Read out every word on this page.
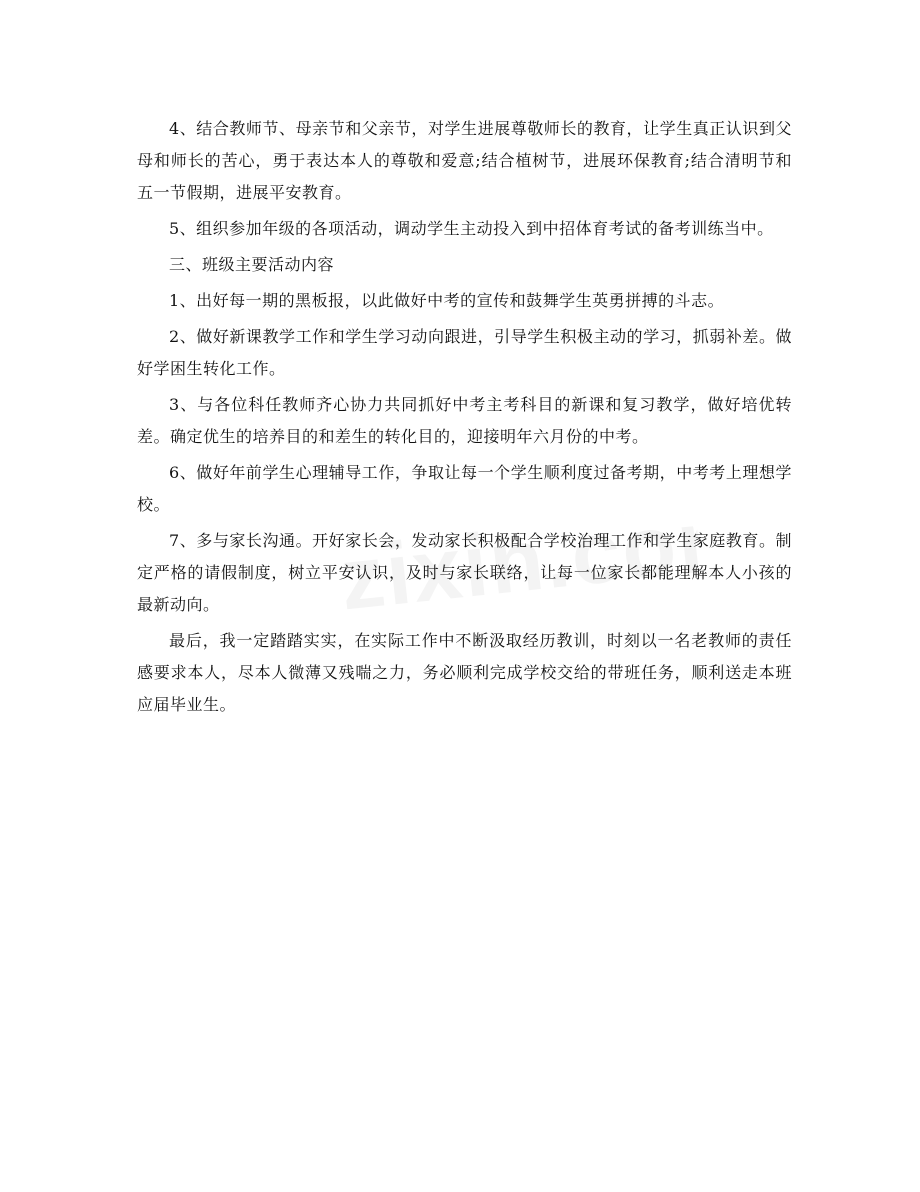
4、结合教师节、母亲节和父亲节，对学生进展尊敬师长的教育，让学生真正认识到父母和师长的苦心，勇于表达本人的尊敬和爱意;结合植树节，进展环保教育;结合清明节和五一节假期，进展平安教育。

5、组织参加年级的各项活动，调动学生主动投入到中招体育考试的备考训练当中。

三、班级主要活动内容

1、出好每一期的黑板报，以此做好中考的宣传和鼓舞学生英勇拼搏的斗志。

2、做好新课教学工作和学生学习动向跟进，引导学生积极主动的学习，抓弱补差。做好学困生转化工作。

3、与各位科任教师齐心协力共同抓好中考主考科目的新课和复习教学，做好培优转差。确定优生的培养目的和差生的转化目的，迎接明年六月份的中考。

6、做好年前学生心理辅导工作，争取让每一个学生顺利度过备考期，中考考上理想学校。

7、多与家长沟通。开好家长会，发动家长积极配合学校治理工作和学生家庭教育。制定严格的请假制度，树立平安认识，及时与家长联络，让每一位家长都能理解本人小孩的最新动向。

最后，我一定踏踏实实，在实际工作中不断汲取经历教训，时刻以一名老教师的责任感要求本人，尽本人微薄又残喘之力，务必顺利完成学校交给的带班任务，顺利送走本班应届毕业生。
